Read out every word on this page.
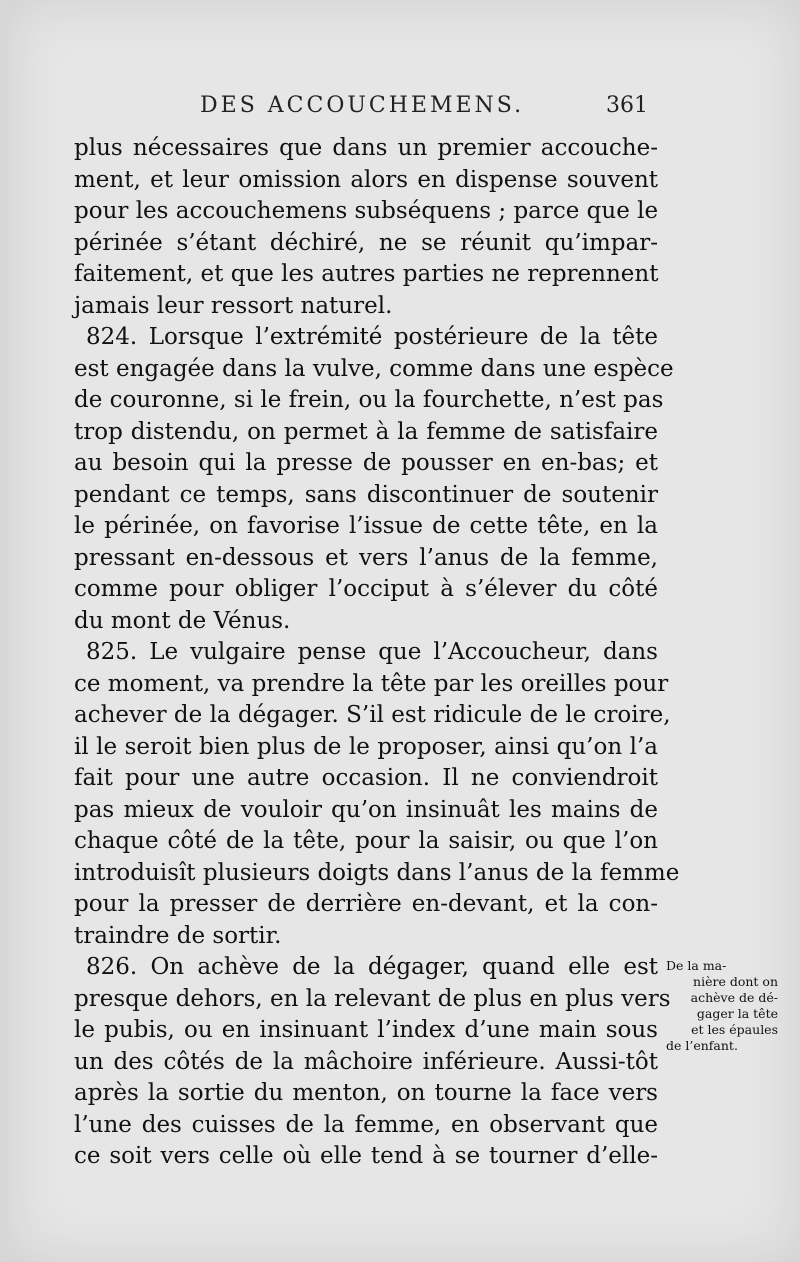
DES ACCOUCHEMENS.	361
plus nécessaires que dans un premier accouche-
ment, et leur omission alors en dispense souvent
pour les accouchemens subséquens ; parce que le
périnée s’étant déchiré, ne se réunit qu’impar-
faitement, et que les autres parties ne reprennent
jamais leur ressort naturel.
824. Lorsque l’extrémité postérieure de la tête
est engagée dans la vulve, comme dans une espèce
de couronne, si le frein, ou la fourchette, n’est pas
trop distendu, on permet à la femme de satisfaire
au besoin qui la presse de pousser en en-bas; et
pendant ce temps, sans discontinuer de soutenir
le périnée, on favorise l’issue de cette tête, en la
pressant en-dessous et vers l’anus de la femme,
comme pour obliger l’occiput à s’élever du côté
du mont de Vénus.
825. Le vulgaire pense que l’Accoucheur, dans
ce moment, va prendre la tête par les oreilles pour
achever de la dégager. S’il est ridicule de le croire,
il le seroit bien plus de le proposer, ainsi qu’on l’a
fait pour une autre occasion. Il ne conviendroit
pas mieux de vouloir qu’on insinuât les mains de
chaque côté de la tête, pour la saisir, ou que l’on
introduisît plusieurs doigts dans l’anus de la femme
pour la presser de derrière en-devant, et la con-
traindre de sortir.
826. On achève de la dégager, quand elle est
presque dehors, en la relevant de plus en plus vers
le pubis, ou en insinuant l’index d’une main sous
un des côtés de la mâchoire inférieure. Aussi-tôt
après la sortie du menton, on tourne la face vers
l’une des cuisses de la femme, en observant que
ce soit vers celle où elle tend à se tourner d’elle-
De la ma-
nière dont on
achève de dé-
gager la tête
et les épaules
de l’enfant.
